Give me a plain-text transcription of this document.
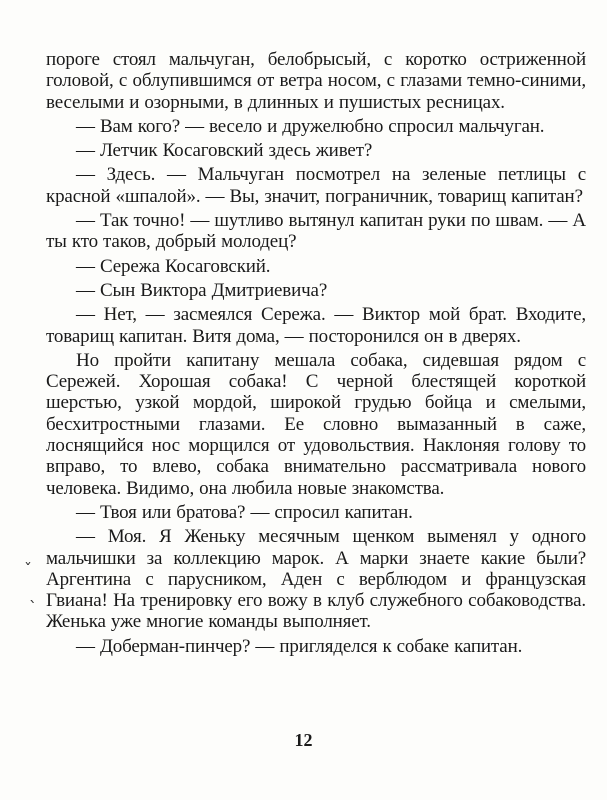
ˇ
ˎ

пороге стоял мальчуган, белобрысый, с коротко остриженной головой, с облупившимся от ветра носом, с глазами темно-синими, веселыми и озорными, в длинных и пушистых ресницах.

— Вам кого? — весело и дружелюбно спросил мальчуган.

— Летчик Косаговский здесь живет?

— Здесь. — Мальчуган посмотрел на зеленые петлицы с красной «шпалой». — Вы, значит, пограничник, товарищ капитан?

— Так точно! — шутливо вытянул капитан руки по швам. — А ты кто таков, добрый молодец?

— Сережа Косаговский.

— Сын Виктора Дмитриевича?

— Нет, — засмеялся Сережа. — Виктор мой брат. Входите, товарищ капитан. Витя дома, — посторонился он в дверях.

Но пройти капитану мешала собака, сидевшая рядом с Сережей. Хорошая собака! С черной блестящей короткой шерстью, узкой мордой, широкой грудью бойца и смелыми, бесхитростными глазами. Ее словно вымазанный в саже, лоснящийся нос морщился от удовольствия. Наклоняя голову то вправо, то влево, собака внимательно рассматривала нового человека. Видимо, она любила новые знакомства.

— Твоя или братова? — спросил капитан.

— Моя. Я Женьку месячным щенком выменял у одного мальчишки за коллекцию марок. А марки знаете какие были? Аргентина с парусником, Аден с верблюдом и французская Гвиана! На тренировку его вожу в клуб служебного собаководства. Женька уже многие команды выполняет.

— Доберман-пинчер? — пригляделся к собаке капитан.

12
